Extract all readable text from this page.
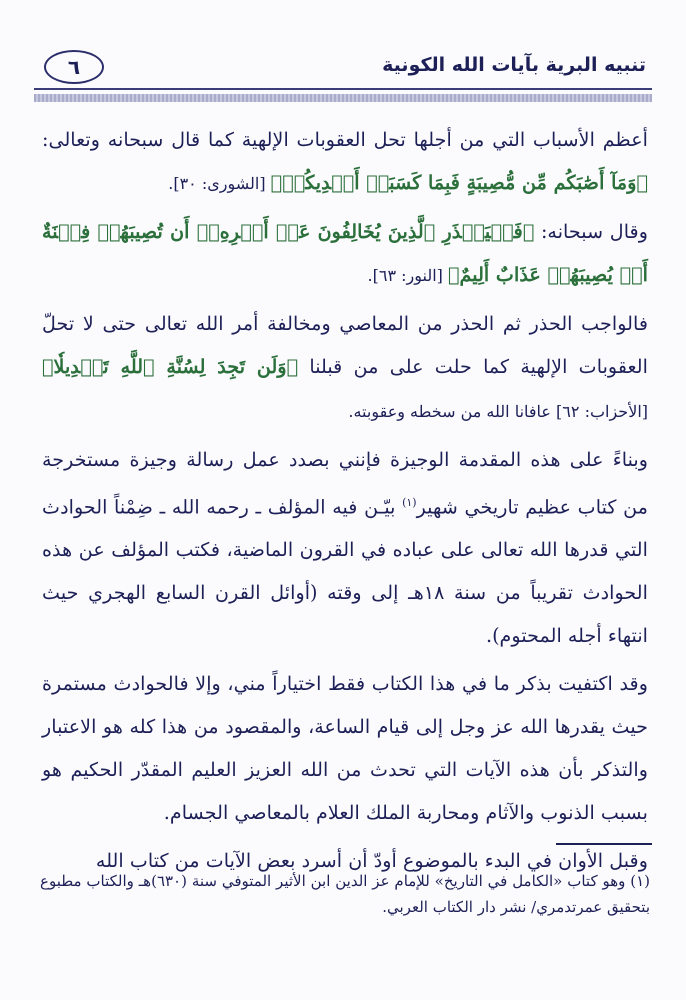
٦	تنبيه البرية بآيات الله الكونية

أعظم الأسباب التي من أجلها تحل العقوبات الإلهية كما قال سبحانه وتعالى: ﴿وَمَآ أَصَٰبَكُم مِّن مُّصِيبَةٍ فَبِمَا كَسَبَتۡ أَيۡدِيكُمۡ﴾ [الشورى: ٣٠].

وقال سبحانه: ﴿فَلۡيَحۡذَرِ ٱلَّذِينَ يُخَالِفُونَ عَنۡ أَمۡرِهِۦٓ أَن تُصِيبَهُمۡ فِتۡنَةٌ أَوۡ يُصِيبَهُمۡ عَذَابٌ أَلِيمٌ﴾ [النور: ٦٣].

فالواجب الحذر ثم الحذر من المعاصي ومخالفة أمر الله تعالى حتى لا تحلّ العقوبات الإلهية كما حلت على من قبلنا ﴿وَلَن تَجِدَ لِسُنَّةِ ٱللَّهِ تَبۡدِيلٗا﴾ [الأحزاب: ٦٢] عافانا الله من سخطه وعقوبته.

وبناءً على هذه المقدمة الوجيزة فإنني بصدد عمل رسالة وجيزة مستخرجة من كتاب عظيم تاريخي شهير$^{(١)}$ بيّـن فيه المؤلف ـ رحمه الله ـ ضِمْناً الحوادث التي قدرها الله تعالى على عباده في القرون الماضية، فكتب المؤلف عن هذه الحوادث تقريباً من سنة ١٨هـ إلى وقته (أوائل القرن السابع الهجري حيث انتهاء أجله المحتوم).

وقد اكتفيت بذكر ما في هذا الكتاب فقط اختياراً مني، وإلا فالحوادث مستمرة حيث يقدرها الله عز وجل إلى قيام الساعة، والمقصود من هذا كله هو الاعتبار والتذكر بأن هذه الآيات التي تحدث من الله العزيز العليم المقدّر الحكيم هو بسبب الذنوب والآثام ومحاربة الملك العلام بالمعاصي الجسام.

وقبل الأوان في البدء بالموضوع أودّ أن أسرد بعض الآيات من كتاب الله

(١) وهو كتاب «الكامل في التاريخ» للإمام عز الدين ابن الأثير المتوفي سنة (٦٣٠)هـ والكتاب مطبوع بتحقيق عمرتدمري/ نشر دار الكتاب العربي.
